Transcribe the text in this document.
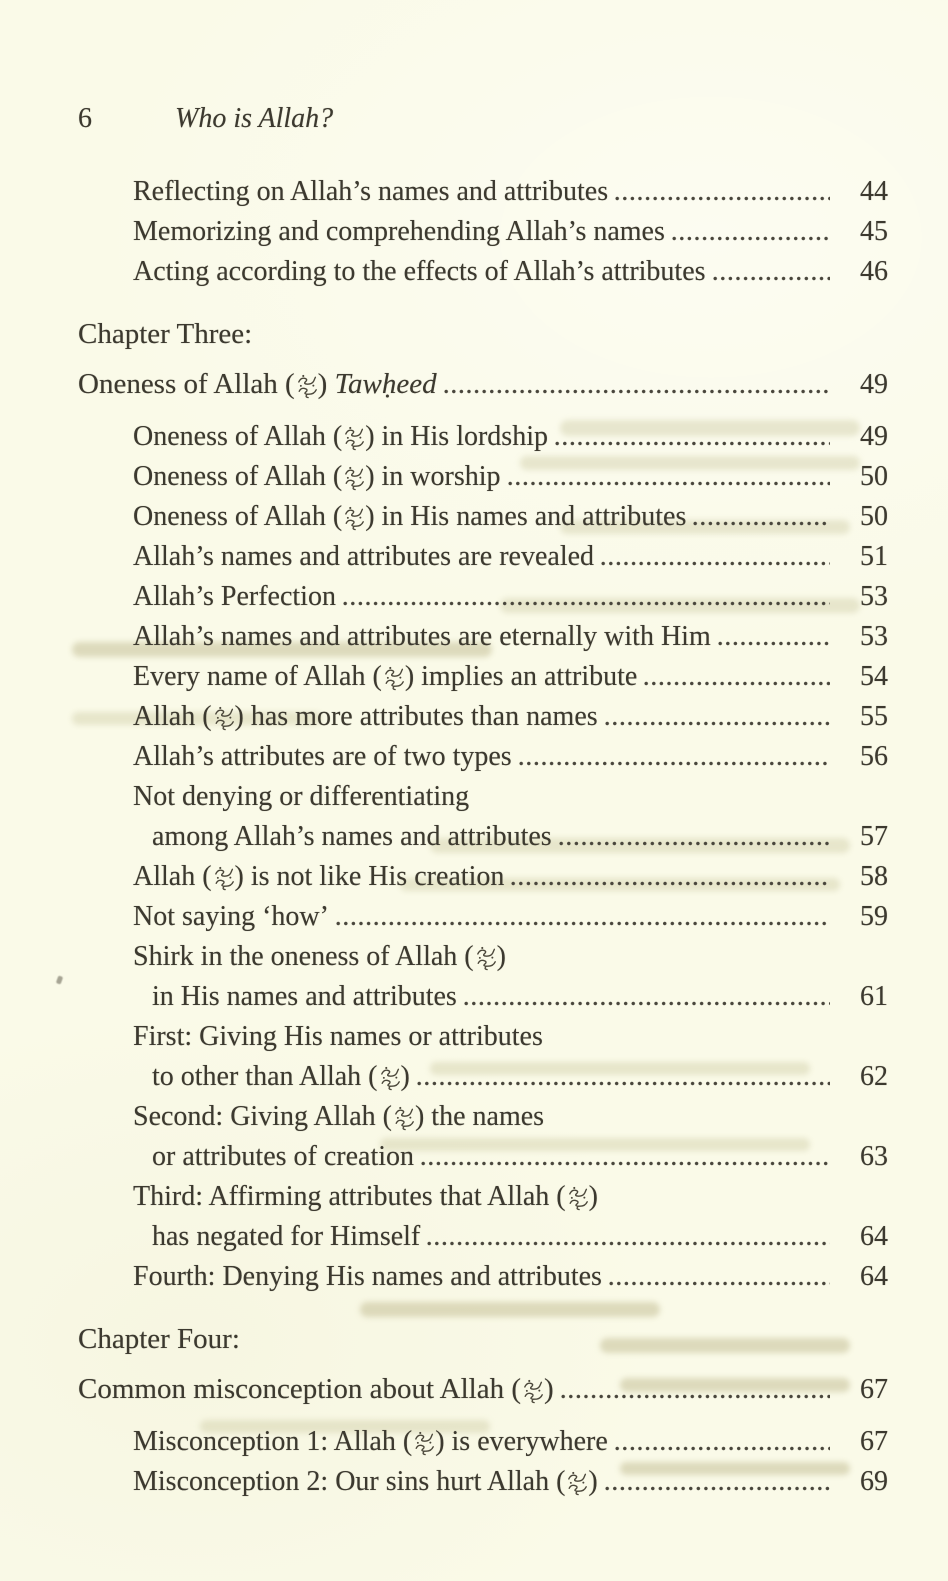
6	Who is Allah?
Reflecting on Allah’s names and attributes	44
Memorizing and comprehending Allah’s names	45
Acting according to the effects of Allah’s attributes	46
Chapter Three:
Oneness of Allah ( ) Tawḥeed	49
Oneness of Allah ( ) in His lordship	49
Oneness of Allah ( ) in worship	50
Oneness of Allah ( ) in His names and attributes	50
Allah’s names and attributes are revealed	51
Allah’s Perfection	53
Allah’s names and attributes are eternally with Him	53
Every name of Allah ( ) implies an attribute	54
Allah ( ) has more attributes than names	55
Allah’s attributes are of two types	56
Not denying or differentiating
among Allah’s names and attributes	57
Allah ( ) is not like His creation	58
Not saying ‘how’	59
Shirk in the oneness of Allah ( )
in His names and attributes	61
First: Giving His names or attributes
to other than Allah ( )	62
Second: Giving Allah ( ) the names
or attributes of creation	63
Third: Affirming attributes that Allah ( )
has negated for Himself	64
Fourth: Denying His names and attributes	64
Chapter Four:
Common misconception about Allah ( )	67
Misconception 1: Allah ( ) is everywhere	67
Misconception 2: Our sins hurt Allah ( )	69
